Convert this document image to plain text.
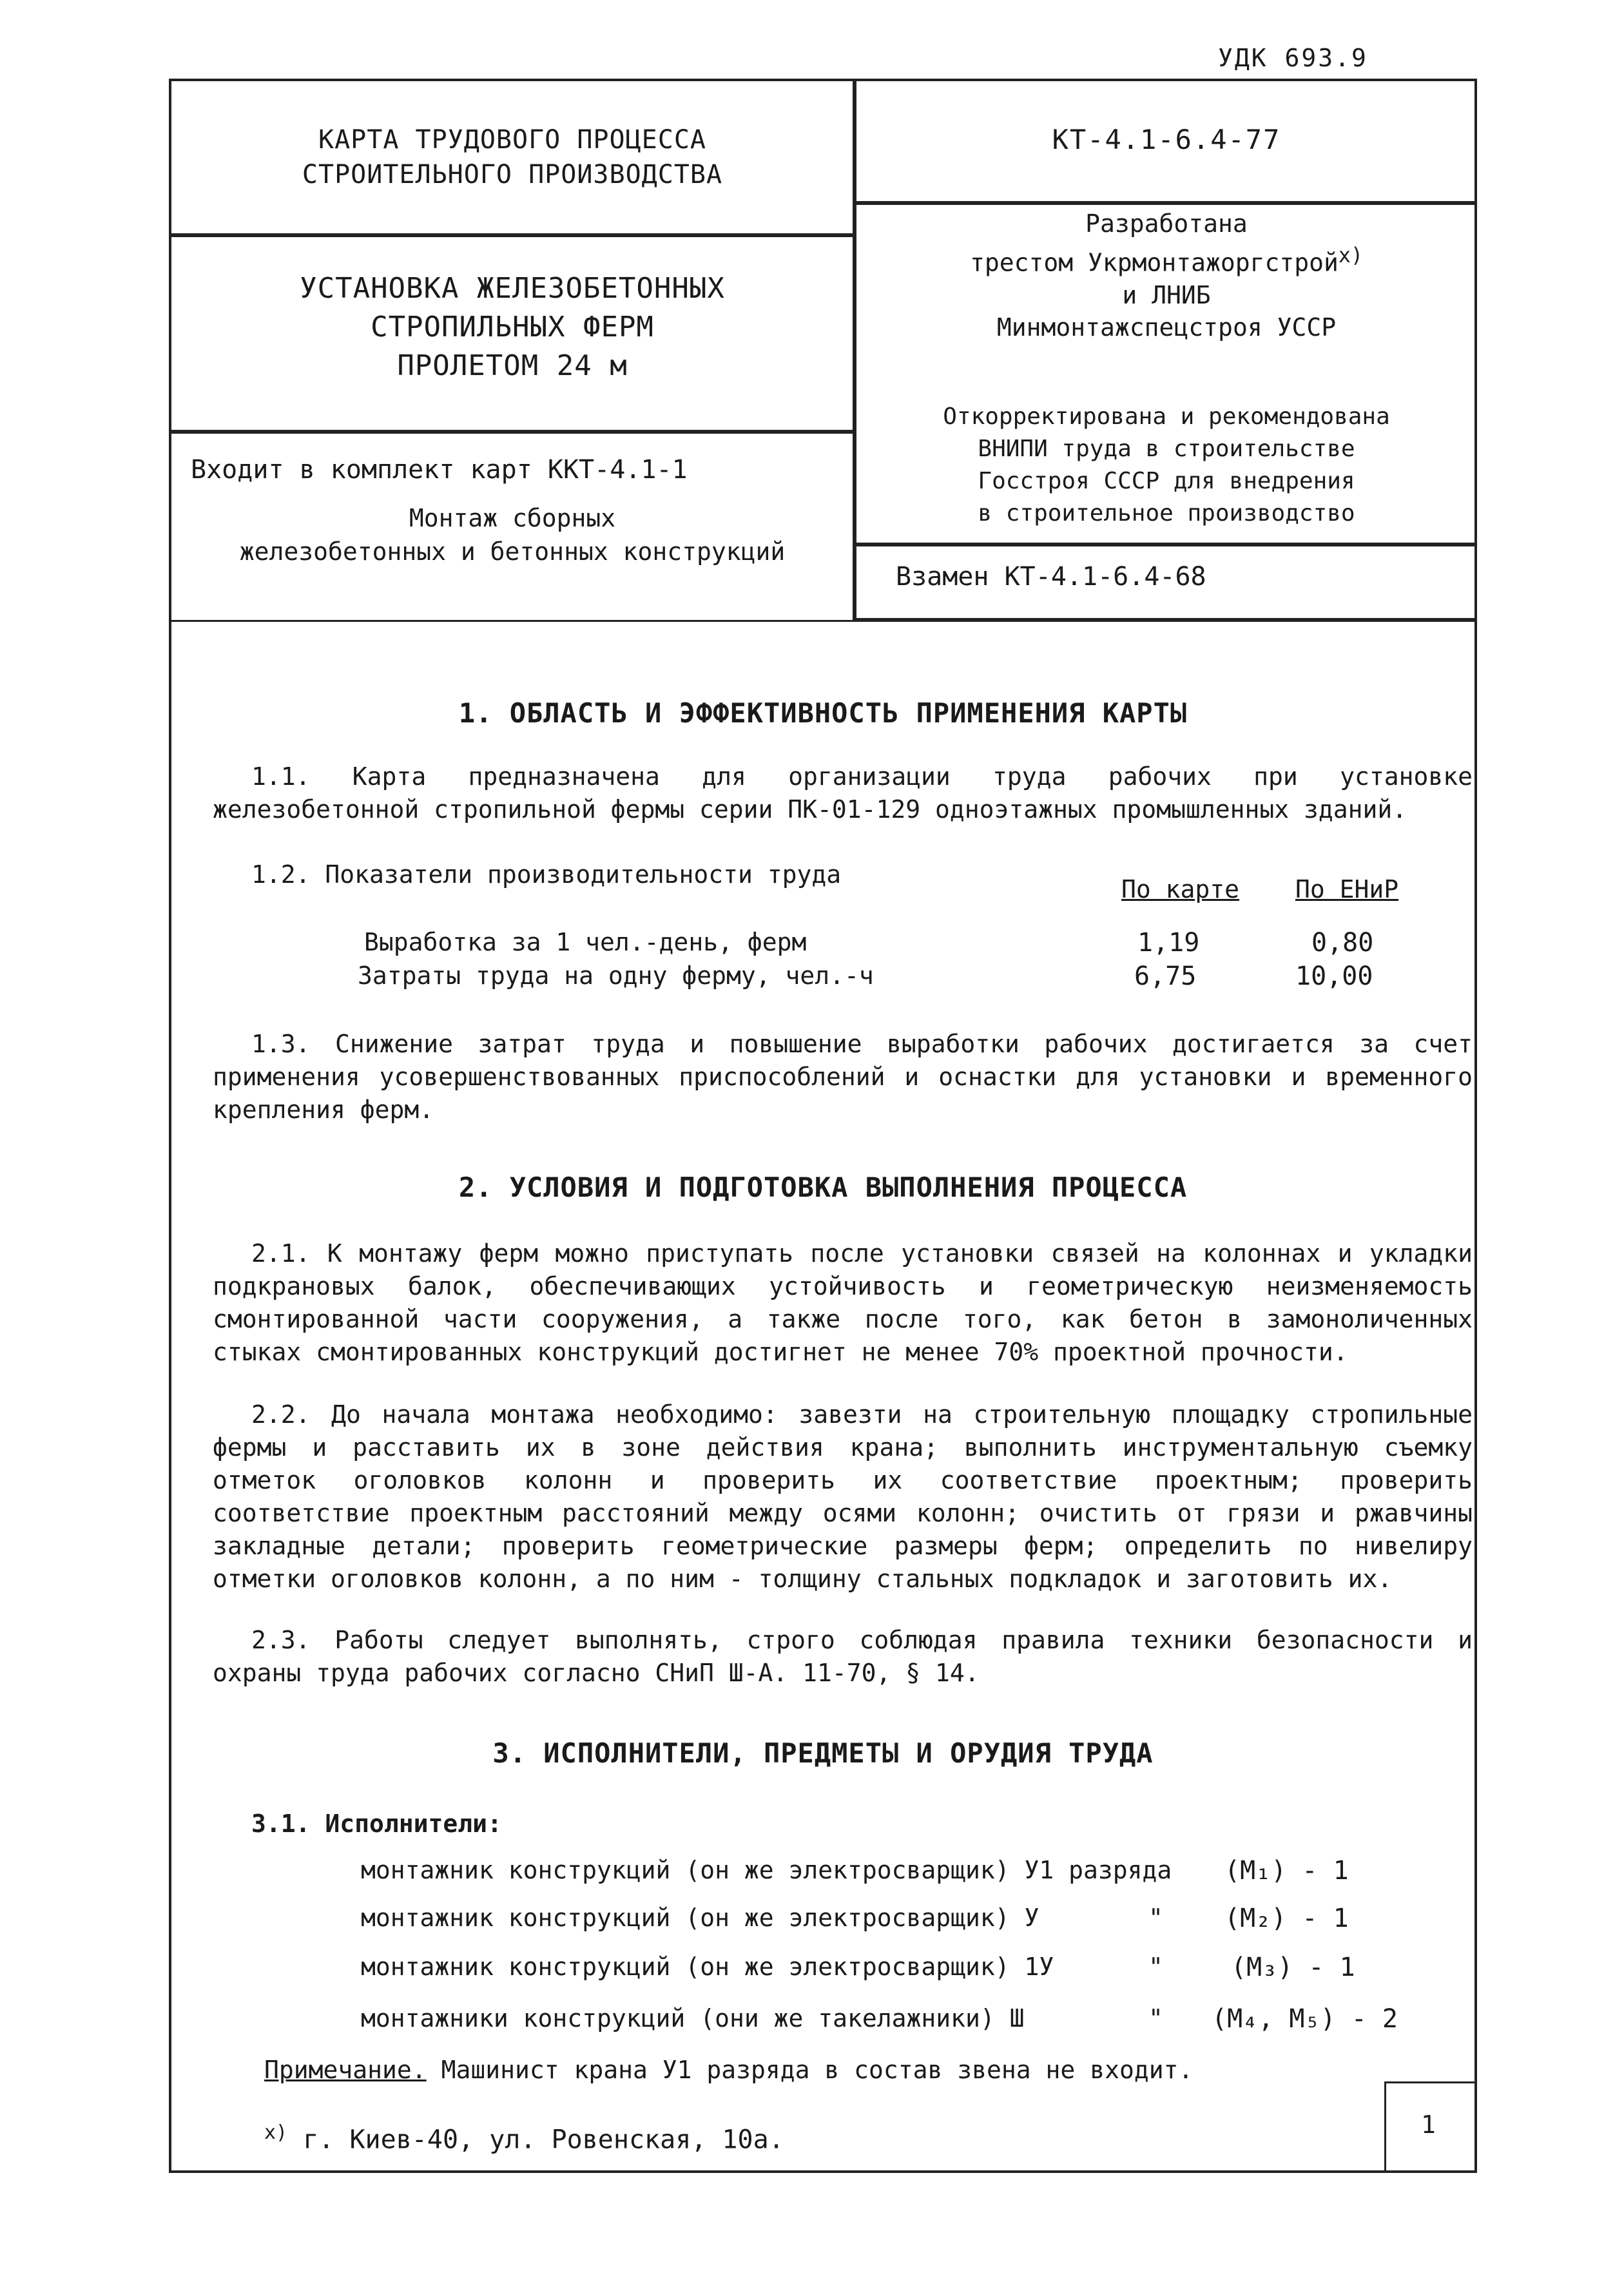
УДК 693.9
КАРТА ТРУДОВОГО ПРОЦЕССА
СТРОИТЕЛЬНОГО ПРОИЗВОДСТВА
УСТАНОВКА ЖЕЛЕЗОБЕТОННЫХ
СТРОПИЛЬНЫХ ФЕРМ
ПРОЛЕТОМ 24 м
Входит в комплект карт ККТ-4.1-1
Монтаж сборных
железобетонных и бетонных конструкций
КТ-4.1-6.4-77
Разработана
трестом Укрмонтажоргстрой$^{x)}$
и ЛНИБ
Минмонтажспецстроя УССР
Откорректирована и рекомендована
ВНИПИ труда в строительстве
Госстроя СССР для внедрения
в строительное производство
Взамен КТ-4.1-6.4-68
1. ОБЛАСТЬ И ЭФФЕКТИВНОСТЬ ПРИМЕНЕНИЯ КАРТЫ
1.1. Карта предназначена для организации труда рабочих при установке железобетонной стропильной фермы серии ПК-01-129 одноэтажных промышленных зданий.
1.2. Показатели производительности труда
По карте По ЕНиР
Выработка за 1 чел.-день, ферм	1,19	0,80
Затраты труда на одну ферму, чел.-ч	6,75	10,00
1.3. Снижение затрат труда и повышение выработки рабочих достигается за счет применения усовершенствованных приспособлений и оснастки для установки и временного крепления ферм.
2. УСЛОВИЯ И ПОДГОТОВКА ВЫПОЛНЕНИЯ ПРОЦЕССА
2.1. К монтажу ферм можно приступать после установки связей на колоннах и укладки подкрановых балок, обеспечивающих устойчивость и геометрическую неизменяемость смонтированной части сооружения, а также после того, как бетон в замоноличенных стыках смонтированных конструкций достигнет не менее 70% проектной прочности.
2.2. До начала монтажа необходимо: завезти на строительную площадку стропильные фермы и расставить их в зоне действия крана; выполнить инструментальную съемку отметок оголовков колонн и проверить их соответствие проектным; проверить соответствие проектным расстояний между осями колонн; очистить от грязи и ржавчины закладные детали; проверить геометрические размеры ферм; определить по нивелиру отметки оголовков колонн, а по ним - толщину стальных подкладок и заготовить их.
2.3. Работы следует выполнять, строго соблюдая правила техники безопасности и охраны труда рабочих согласно СНиП Ш-А. 11-70, § 14.
3. ИСПОЛНИТЕЛИ, ПРЕДМЕТЫ И ОРУДИЯ ТРУДА
3.1. Исполнители:
монтажник конструкций (он же электросварщик) У1 разряда (М₁) - 1
монтажник конструкций (он же электросварщик) У	" (М₂) - 1
монтажник конструкций (он же электросварщик) 1У	"	(М₃) - 1
монтажники конструкций (они же такелажники) Ш	" (М₄, М₅) - 2
Примечание. Машинист крана У1 разряда в состав звена не входит.
$^{x)}$ г. Киев-40, ул. Ровенская, 10а.
1
